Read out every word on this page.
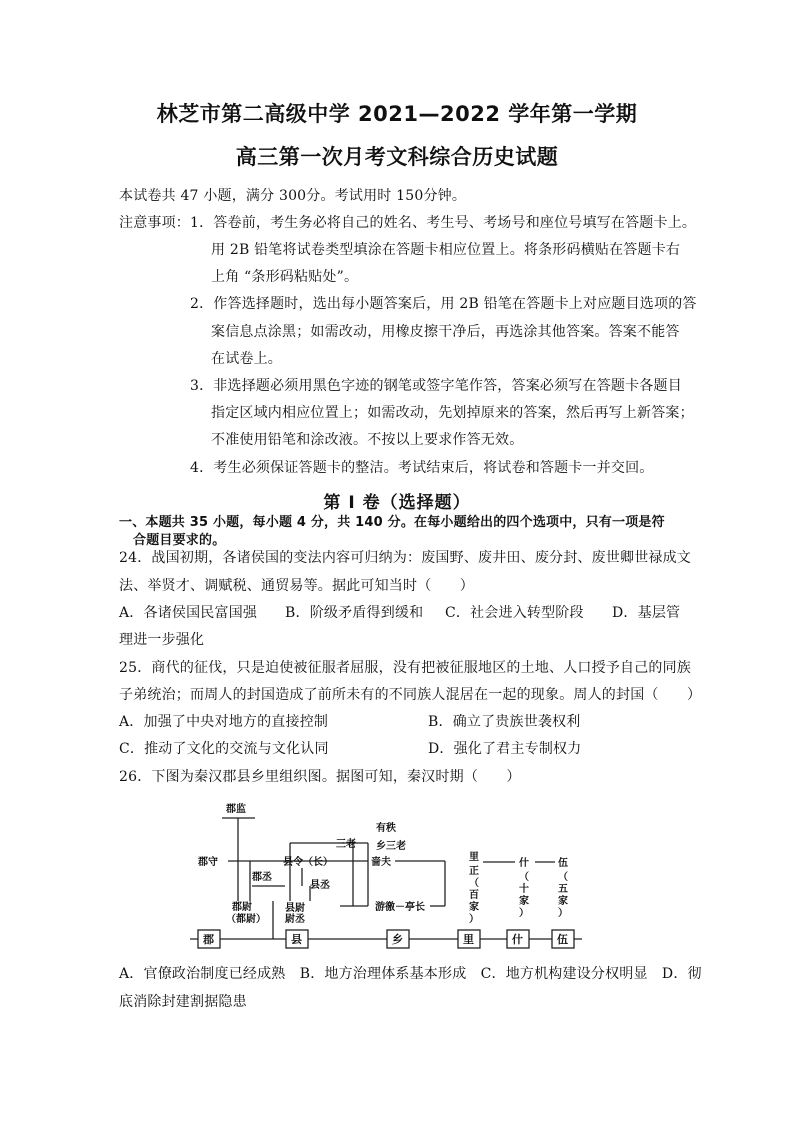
林芝市第二高级中学 2021—2022 学年第一学期
高三第一次月考文科综合历史试题
本试卷共 47 小题，满分 300分。考试用时 150分钟。
注意事项： 1．答卷前，考生务必将自己的姓名、考生号、考场号和座位号填写在答题卡上。
用 2B 铅笔将试卷类型填涂在答题卡相应位置上。将条形码横贴在答题卡右
上角 “条形码粘贴处”。
2．作答选择题时，选出每小题答案后，用 2B 铅笔在答题卡上对应题目选项的答
案信息点涂黑；如需改动，用橡皮擦干净后，再选涂其他答案。答案不能答
在试卷上。
3．非选择题必须用黑色字迹的钢笔或签字笔作答，答案必须写在答题卡各题目
指定区域内相应位置上；如需改动，先划掉原来的答案，然后再写上新答案；
不准使用铅笔和涂改液。不按以上要求作答无效。
4．考生必须保证答题卡的整洁。考试结束后，将试卷和答题卡一并交回。
第 Ⅰ 卷（选择题）
一、本题共 35 小题，每小题 4 分，共 140 分。在每小题给出的四个选项中，只有一项是符
合题目要求的。
24．战国初期，各诸侯国的变法内容可归纳为：废国野、废井田、废分封、废世卿世禄成文
法、举贤才、调赋税、通贸易等。据此可知当时（　　）
A．各诸侯国民富国强 B．阶级矛盾得到缓和 C．社会进入转型阶段 D．基层管
理进一步强化
25．商代的征伐，只是迫使被征服者屈服，没有把被征服地区的土地、人口授予自己的同族
子弟统治；而周人的封国造成了前所未有的不同族人混居在一起的现象。周人的封国（　　）
A．加强了中央对地方的直接控制	B．确立了贵族世袭权利
C．推动了文化的交流与文化认同	D．强化了君主专制权力
26．下图为秦汉郡县乡里组织图。据图可知，秦汉时期（　　）
郡监
郡守
郡丞
郡尉
（都尉）
县令（长）
县丞
县尉
尉丞
三老
有秩
乡三老
啬夫
游徼－亭长
里
正
（
百
家
）
什
（
十
家
）
伍
（
五
家
）
郡	县	乡	里	什	伍
A．官僚政治制度已经成熟　B．地方治理体系基本形成　C．地方机构建设分权明显　D．彻
底消除封建割据隐患
